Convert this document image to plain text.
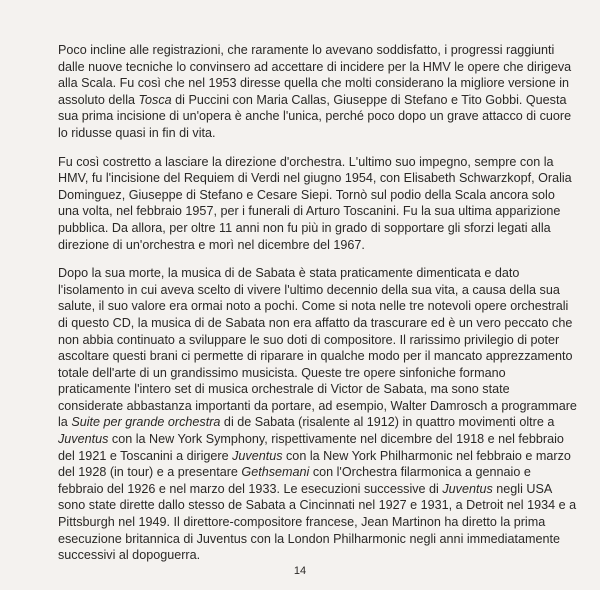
Poco incline alle registrazioni, che raramente lo avevano soddisfatto, i progressi raggiunti dalle nuove tecniche lo convinsero ad accettare di incidere per la HMV le opere che dirigeva alla Scala. Fu così che nel 1953 diresse quella che molti considerano la migliore versione in assoluto della Tosca di Puccini con Maria Callas, Giuseppe di Stefano e Tito Gobbi. Questa sua prima incisione di un'opera è anche l'unica, perché poco dopo un grave attacco di cuore lo ridusse quasi in fin di vita.

Fu così costretto a lasciare la direzione d'orchestra. L'ultimo suo impegno, sempre con la HMV, fu l'incisione del Requiem di Verdi nel giugno 1954, con Elisabeth Schwarzkopf, Oralia Dominguez, Giuseppe di Stefano e Cesare Siepi. Tornò sul podio della Scala ancora solo una volta, nel febbraio 1957, per i funerali di Arturo Toscanini. Fu la sua ultima apparizione pubblica. Da allora, per oltre 11 anni non fu più in grado di sopportare gli sforzi legati alla direzione di un'orchestra e morì nel dicembre del 1967.

Dopo la sua morte, la musica di de Sabata è stata praticamente dimenticata e dato l'isolamento in cui aveva scelto di vivere l'ultimo decennio della sua vita, a causa della sua salute, il suo valore era ormai noto a pochi. Come si nota nelle tre notevoli opere orchestrali di questo CD, la musica di de Sabata non era affatto da trascurare ed è un vero peccato che non abbia continuato a sviluppare le suo doti di compositore. Il rarissimo privilegio di poter ascoltare questi brani ci permette di riparare in qualche modo per il mancato apprezzamento totale dell'arte di un grandissimo musicista. Queste tre opere sinfoniche formano praticamente l'intero set di musica orchestrale di Victor de Sabata, ma sono state considerate abbastanza importanti da portare, ad esempio, Walter Damrosch a programmare la Suite per grande orchestra di de Sabata (risalente al 1912) in quattro movimenti oltre a Juventus con la New York Symphony, rispettivamente nel dicembre del 1918 e nel febbraio del 1921 e Toscanini a dirigere Juventus con la New York Philharmonic nel febbraio e marzo del 1928 (in tour) e a presentare Gethsemani con l'Orchestra filarmonica a gennaio e febbraio del 1926 e nel marzo del 1933. Le esecuzioni successive di Juventus negli USA sono state dirette dallo stesso de Sabata a Cincinnati nel 1927 e 1931, a Detroit nel 1934 e a Pittsburgh nel 1949. Il direttore-compositore francese, Jean Martinon ha diretto la prima esecuzione britannica di Juventus con la London Philharmonic negli anni immediatamente successivi al dopoguerra.

14
